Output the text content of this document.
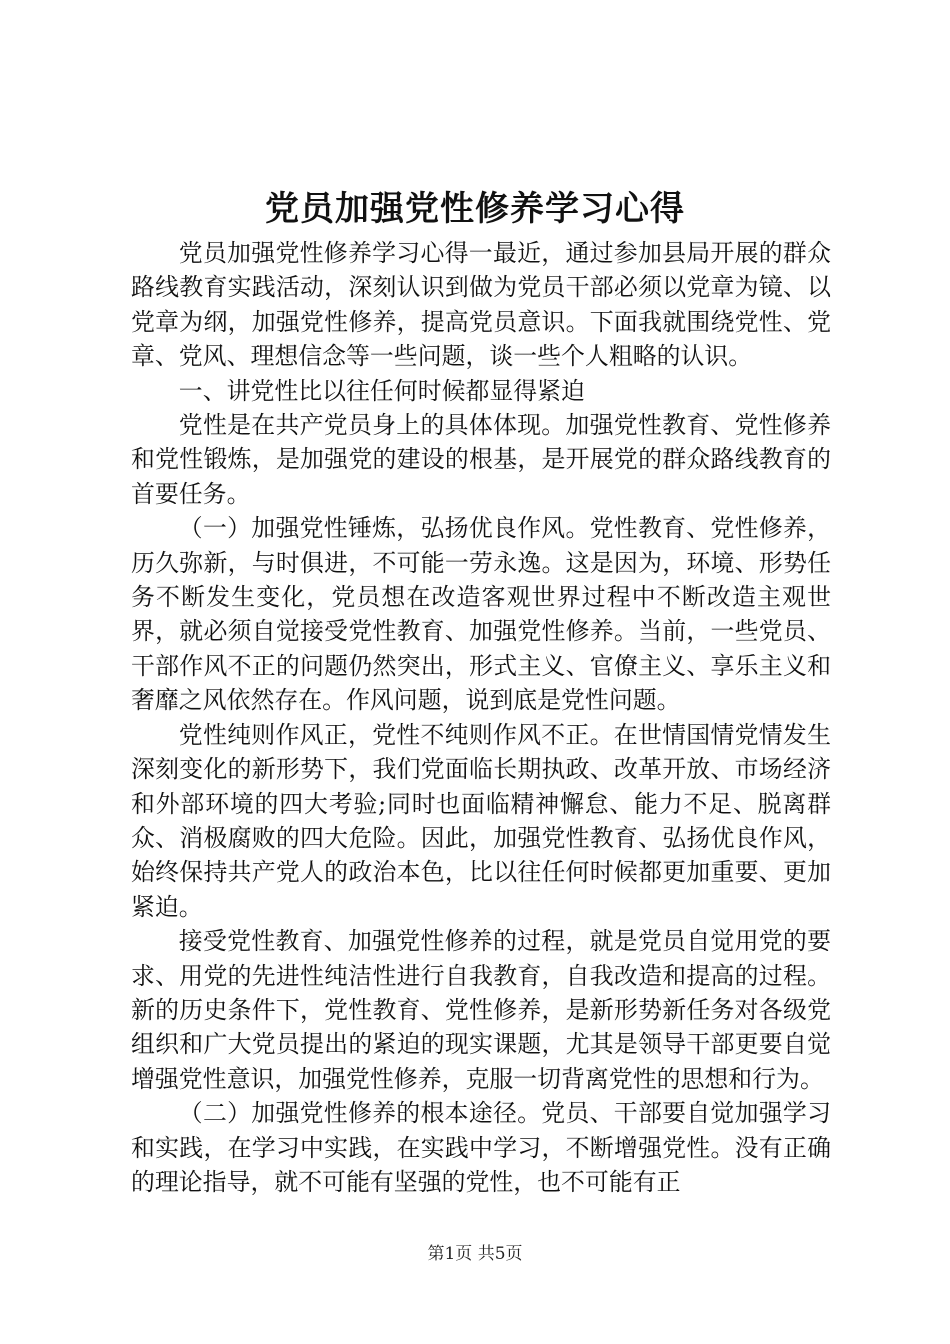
党员加强党性修养学习心得

党员加强党性修养学习心得一最近，通过参加县局开展的群众路线教育实践活动，深刻认识到做为党员干部必须以党章为镜、以党章为纲，加强党性修养，提高党员意识。下面我就围绕党性、党章、党风、理想信念等一些问题，谈一些个人粗略的认识。

一、讲党性比以往任何时候都显得紧迫

党性是在共产党员身上的具体体现。加强党性教育、党性修养和党性锻炼，是加强党的建设的根基，是开展党的群众路线教育的首要任务。

（一）加强党性锤炼，弘扬优良作风。党性教育、党性修养，历久弥新，与时俱进，不可能一劳永逸。这是因为，环境、形势任务不断发生变化，党员想在改造客观世界过程中不断改造主观世界，就必须自觉接受党性教育、加强党性修养。当前，一些党员、干部作风不正的问题仍然突出，形式主义、官僚主义、享乐主义和奢靡之风依然存在。作风问题，说到底是党性问题。

党性纯则作风正，党性不纯则作风不正。在世情国情党情发生深刻变化的新形势下，我们党面临长期执政、改革开放、市场经济和外部环境的四大考验;同时也面临精神懈怠、能力不足、脱离群众、消极腐败的四大危险。因此，加强党性教育、弘扬优良作风，始终保持共产党人的政治本色，比以往任何时候都更加重要、更加紧迫。

接受党性教育、加强党性修养的过程，就是党员自觉用党的要求、用党的先进性纯洁性进行自我教育，自我改造和提高的过程。新的历史条件下，党性教育、党性修养，是新形势新任务对各级党组织和广大党员提出的紧迫的现实课题，尤其是领导干部更要自觉增强党性意识，加强党性修养，克服一切背离党性的思想和行为。

（二）加强党性修养的根本途径。党员、干部要自觉加强学习和实践，在学习中实践，在实践中学习，不断增强党性。没有正确的理论指导，就不可能有坚强的党性，也不可能有正

第1页 共5页
